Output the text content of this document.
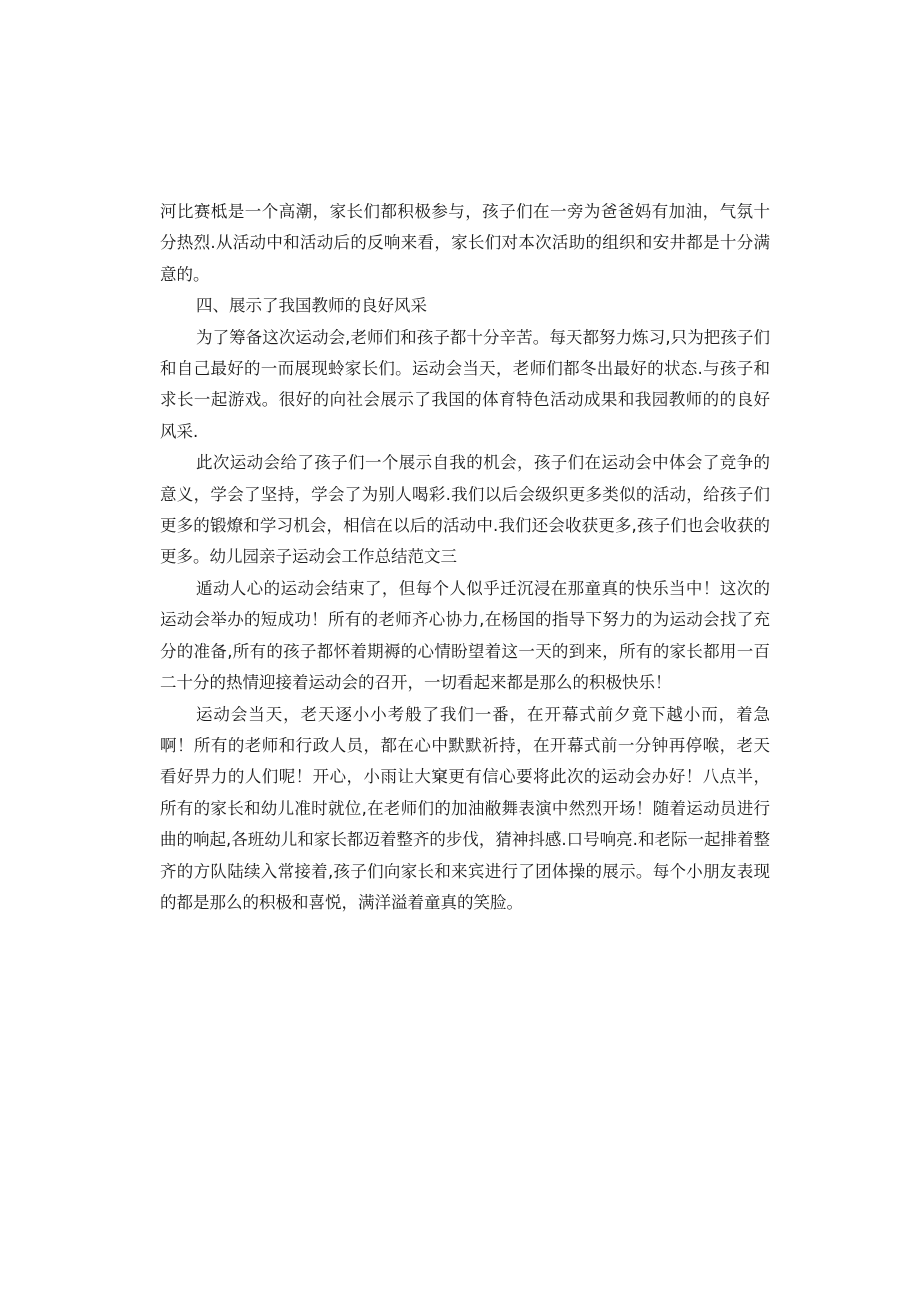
河比赛柢是一个高潮，家长们都积极参与，孩子们在一旁为爸爸妈有加油，气氛十分热烈.从活动中和活动后的反响来看，家长们对本次活助的组织和安井都是十分满意的。

四、展示了我国教师的良好风采

为了筹备这次运动会,老师们和孩子都十分辛苦。每天都努力炼习,只为把孩子们和自己最好的一而展现蛉家长们。运动会当天，老师们都冬出最好的状态.与孩子和求长一起游戏。很好的向社会展示了我国的体育特色活动成果和我园教师的的良好风采.

此次运动会给了孩子们一个展示自我的机会，孩子们在运动会中体会了竞争的意义，学会了坚持，学会了为别人喝彩.我们以后会级织更多类似的活动，给孩子们更多的锻燎和学习机会，相信在以后的活动中.我们还会收获更多,孩子们也会收获的更多。幼儿园亲子运动会工作总结范文三

遁动人心的运动会结束了，但每个人似乎迁沉浸在那童真的快乐当中！这次的运动会举办的短成功！所有的老师齐心协力,在杨国的指导下努力的为运动会找了充分的准备,所有的孩子都怀着期褥的心情盼望着这一天的到来，所有的家长都用一百二十分的热情迎接着运动会的召开，一切看起来都是那么的积极快乐！

运动会当天，老天逐小小考般了我们一番，在开幕式前夕竟下越小而，着急啊！所有的老师和行政人员，都在心中默默祈持，在开幕式前一分钟再停喉，老天看好畀力的人们呢！开心，小雨让大窠更有信心要将此次的运动会办好！八点半，所有的家长和幼儿准时就位,在老师们的加油敝舞表演中然烈开场！随着运动员进行曲的响起,各班幼儿和家长都迈着整齐的步伐，猜神抖感.口号响亮.和老际一起排着整齐的方队陆续入常接着,孩子们向家长和来宾进行了团体操的展示。每个小朋友表现的都是那么的积极和喜悦，满洋溢着童真的笑脸。
